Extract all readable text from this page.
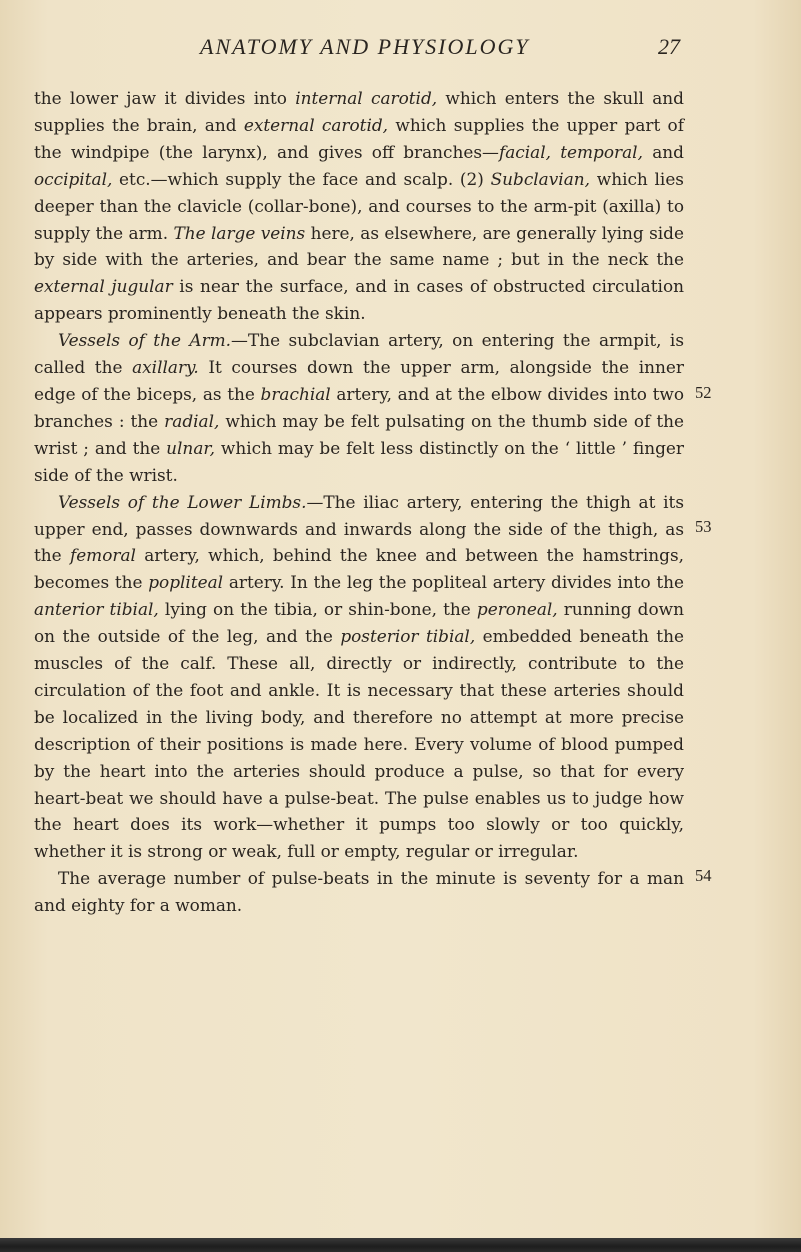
ANATOMY AND PHYSIOLOGY	27

the lower jaw it divides into internal carotid, which enters the skull and supplies the brain, and external carotid, which supplies the upper part of the windpipe (the larynx), and gives off branches—facial, temporal, and occipital, etc.—which supply the face and scalp. (2) Subclavian, which lies deeper than the clavicle (collar-bone), and courses to the arm-pit (axilla) to supply the arm. The large veins here, as elsewhere, are generally lying side by side with the arteries, and bear the same name ; but in the neck the external jugular is near the surface, and in cases of obstructed circulation appears prominently beneath the skin.

Vessels of the Arm.—The subclavian artery, on entering the armpit, is called the axillary. It courses down the upper arm, alongside the inner edge of the biceps, as the brachial artery, and at the elbow divides into two branches : the radial, which may be felt pulsating on the thumb side of the wrist ; and the ulnar, which may be felt less distinctly on the ‘ little ’ finger side of the wrist.

Vessels of the Lower Limbs.—The iliac artery, entering the thigh at its upper end, passes downwards and inwards along the side of the thigh, as the femoral artery, which, behind the knee and between the hamstrings, becomes the popliteal artery. In the leg the popliteal artery divides into the anterior tibial, lying on the tibia, or shin-bone, the peroneal, running down on the outside of the leg, and the posterior tibial, embedded beneath the muscles of the calf. These all, directly or indirectly, contribute to the circulation of the foot and ankle. It is necessary that these arteries should be localized in the living body, and therefore no attempt at more precise description of their positions is made here. Every volume of blood pumped by the heart into the arteries should produce a pulse, so that for every heart-beat we should have a pulse-beat. The pulse enables us to judge how the heart does its work—whether it pumps too slowly or too quickly, whether it is strong or weak, full or empty, regular or irregular.

The average number of pulse-beats in the minute is seventy for a man and eighty for a woman.

52
53
54
